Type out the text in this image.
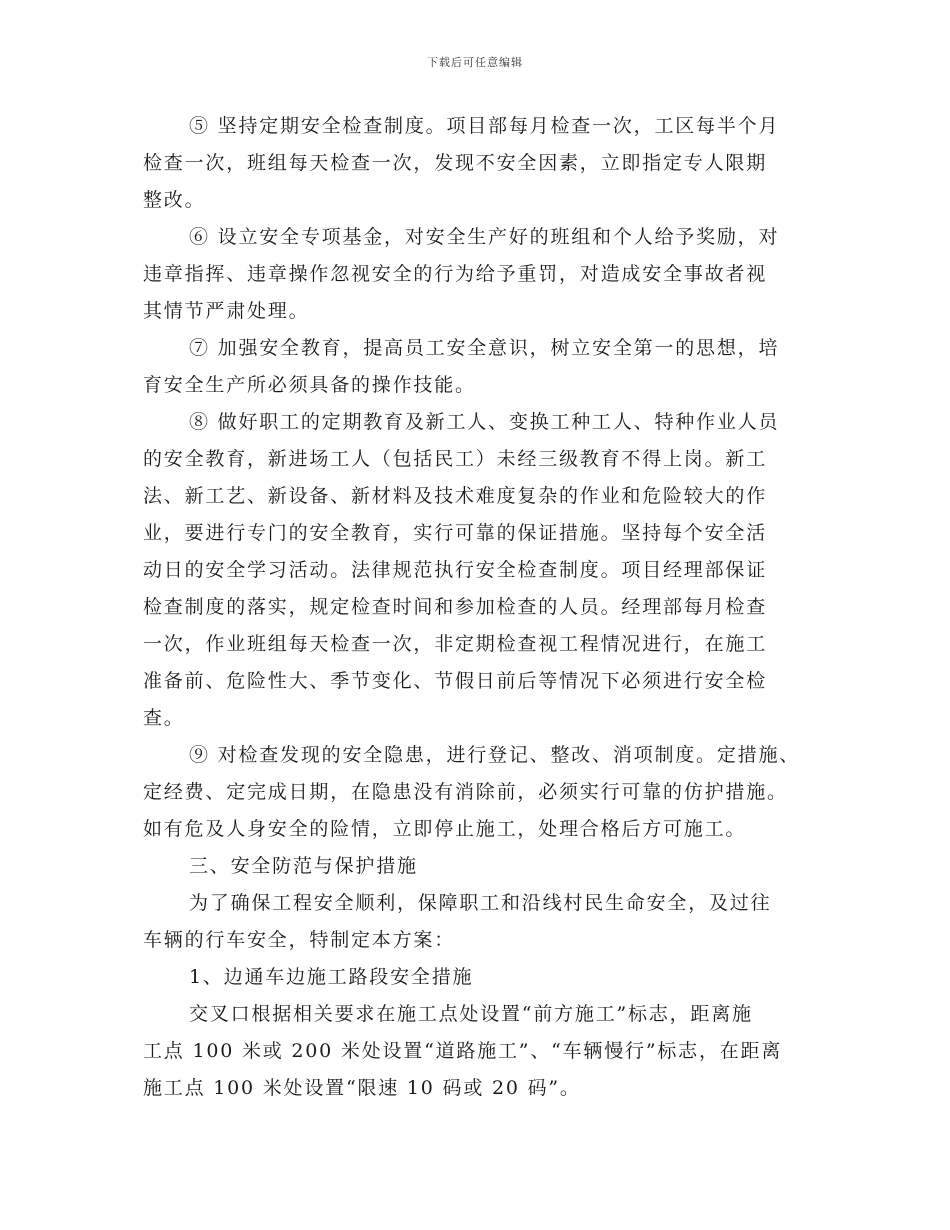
下载后可任意编辑
⑤ 坚持定期安全检查制度。项目部每月检查一次，工区每半个月
检查一次，班组每天检查一次，发现不安全因素，立即指定专人限期
整改。
⑥ 设立安全专项基金，对安全生产好的班组和个人给予奖励，对
违章指挥、违章操作忽视安全的行为给予重罚，对造成安全事故者视
其情节严肃处理。
⑦ 加强安全教育，提高员工安全意识，树立安全第一的思想，培
育安全生产所必须具备的操作技能。
⑧ 做好职工的定期教育及新工人、变换工种工人、特种作业人员
的安全教育，新进场工人（包括民工）未经三级教育不得上岗。新工
法、新工艺、新设备、新材料及技术难度复杂的作业和危险较大的作
业，要进行专门的安全教育，实行可靠的保证措施。坚持每个安全活
动日的安全学习活动。法律规范执行安全检查制度。项目经理部保证
检查制度的落实，规定检查时间和参加检查的人员。经理部每月检查
一次，作业班组每天检查一次，非定期检查视工程情况进行，在施工
准备前、危险性大、季节变化、节假日前后等情况下必须进行安全检
查。
⑨ 对检查发现的安全隐患，进行登记、整改、消项制度。定措施、
定经费、定完成日期，在隐患没有消除前，必须实行可靠的仿护措施。
如有危及人身安全的险情，立即停止施工，处理合格后方可施工。
三、安全防范与保护措施
为了确保工程安全顺利，保障职工和沿线村民生命安全，及过往
车辆的行车安全，特制定本方案：
1、边通车边施工路段安全措施
交叉口根据相关要求在施工点处设置“前方施工”标志，距离施
工点 100 米或 200 米处设置“道路施工”、“车辆慢行”标志，在距离
施工点 100 米处设置“限速 10 码或 20 码”。
